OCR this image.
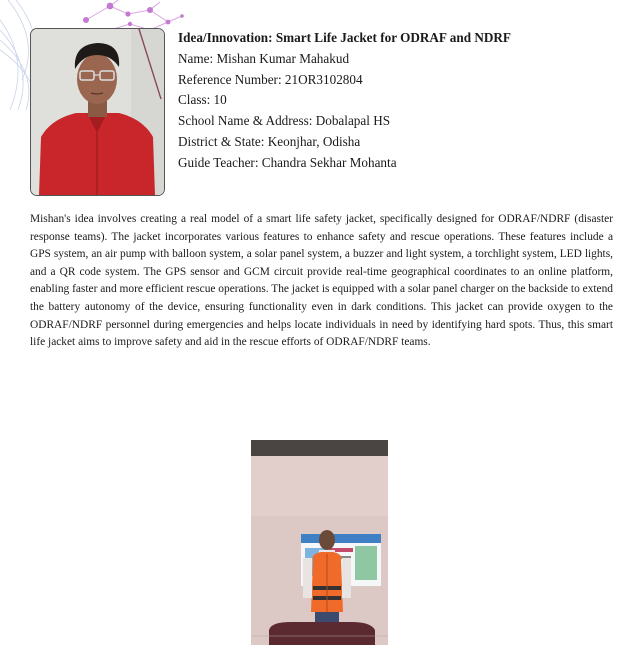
Idea/Innovation: Smart Life Jacket for ODRAF and NDRF
Name: Mishan Kumar Mahakud
Reference Number: 21OR3102804
Class: 10
School Name & Address: Dobalapal HS
District & State: Keonjhar, Odisha
Guide Teacher: Chandra Sekhar Mohanta

Mishan's idea involves creating a real model of a smart life safety jacket, specifically designed for ODRAF/NDRF (disaster response teams). The jacket incorporates various features to enhance safety and rescue operations. These features include a GPS system, an air pump with balloon system, a solar panel system, a buzzer and light system, a torchlight system, LED lights, and a QR code system. The GPS sensor and GCM circuit provide real-time geographical coordinates to an online platform, enabling faster and more efficient rescue operations. The jacket is equipped with a solar panel charger on the backside to extend the battery autonomy of the device, ensuring functionality even in dark conditions. This jacket can provide oxygen to the ODRAF/NDRF personnel during emergencies and helps locate individuals in need by identifying hard spots. Thus, this smart life jacket aims to improve safety and aid in the rescue efforts of ODRAF/NDRF teams.
